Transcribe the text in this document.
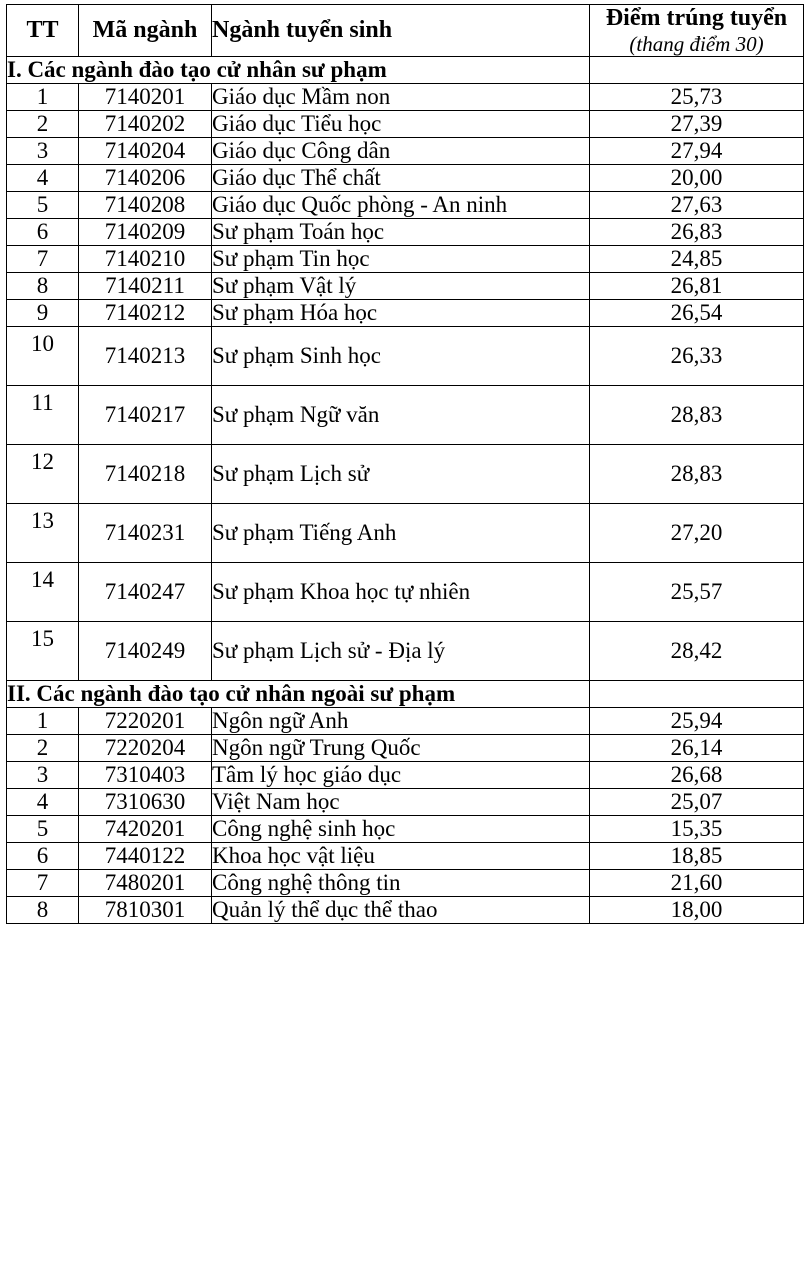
TT	Mã ngành	Ngành tuyển sinh	Điểm trúng tuyển
(thang điểm 30)

I. Các ngành đào tạo cử nhân sư phạm			
1	7140201	Giáo dục Mầm non	25,73
2	7140202	Giáo dục Tiểu học	27,39
3	7140204	Giáo dục Công dân	27,94
4	7140206	Giáo dục Thể chất	20,00
5	7140208	Giáo dục Quốc phòng - An ninh	27,63
6	7140209	Sư phạm Toán học	26,83
7	7140210	Sư phạm Tin học	24,85
8	7140211	Sư phạm Vật lý	26,81
9	7140212	Sư phạm Hóa học	26,54
10	7140213	Sư phạm Sinh học	26,33
11	7140217	Sư phạm Ngữ văn	28,83
12	7140218	Sư phạm Lịch sử	28,83
13	7140231	Sư phạm Tiếng Anh	27,20
14	7140247	Sư phạm Khoa học tự nhiên	25,57
15	7140249	Sư phạm Lịch sử - Địa lý	28,42
II. Các ngành đào tạo cử nhân ngoài sư phạm			
1	7220201	Ngôn ngữ Anh	25,94
2	7220204	Ngôn ngữ Trung Quốc	26,14
3	7310403	Tâm lý học giáo dục	26,68
4	7310630	Việt Nam học	25,07
5	7420201	Công nghệ sinh học	15,35
6	7440122	Khoa học vật liệu	18,85
7	7480201	Công nghệ thông tin	21,60
8	7810301	Quản lý thể dục thể thao	18,00
